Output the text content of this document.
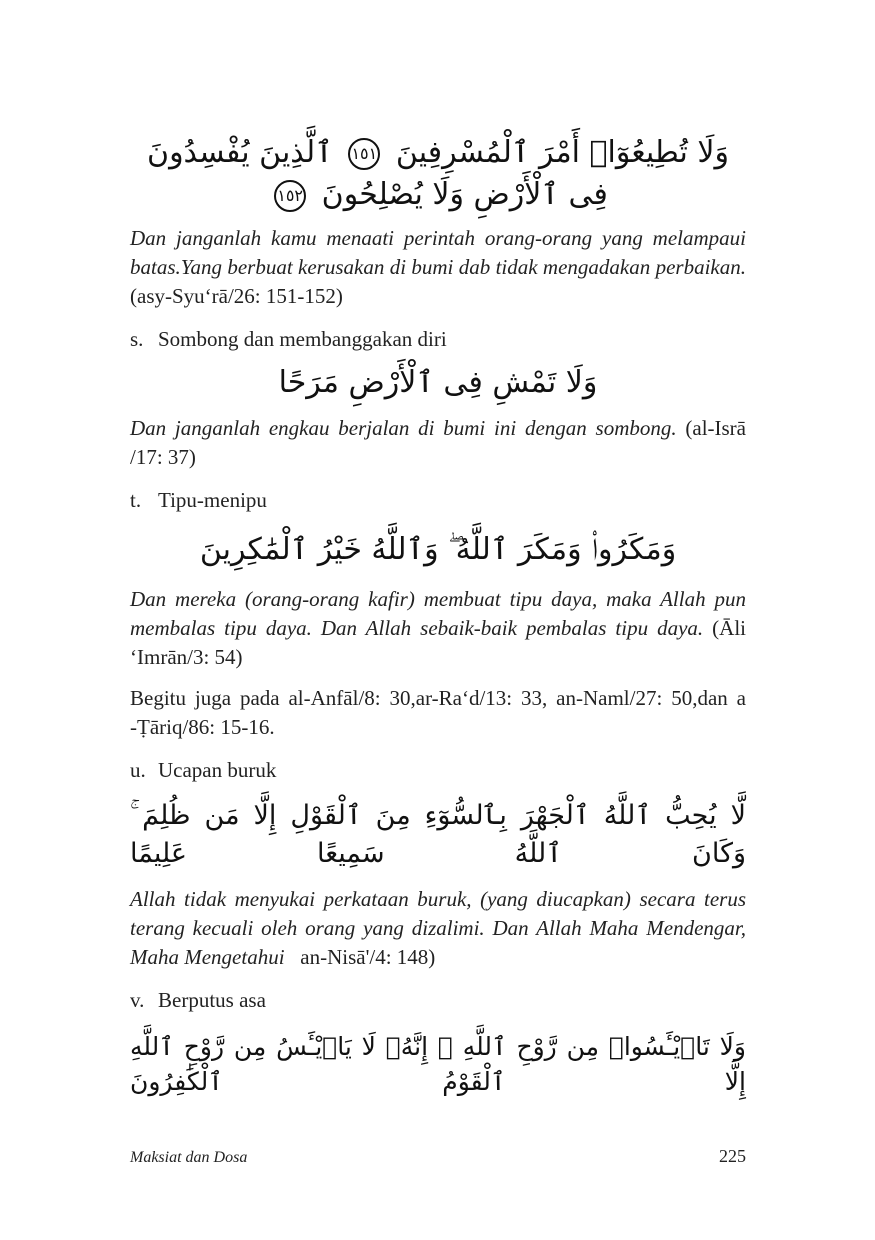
وَلَا تُطِيعُوٓا۟ أَمْرَ ٱلْمُسْرِفِينَ ١٥١ ٱلَّذِينَ يُفْسِدُونَ فِى ٱلْأَرْضِ وَلَا يُصْلِحُونَ ١٥٢

Dan janganlah kamu menaati perintah orang-orang yang melampaui batas.Yang berbuat kerusakan di bumi dab tidak mengadakan perbaikan. (asy-Syu‘rā/26: 151-152)

s. Sombong dan membanggakan diri

وَلَا تَمْشِ فِى ٱلْأَرْضِ مَرَحًا

Dan janganlah engkau berjalan di bumi ini dengan sombong. (al-Isrā /17: 37)

t. Tipu-menipu

وَمَكَرُوا۟ وَمَكَرَ ٱللَّهُ ۖ وَٱللَّهُ خَيْرُ ٱلْمَٰكِرِينَ

Dan mereka (orang-orang kafir) membuat tipu daya, maka Allah pun membalas tipu daya. Dan Allah sebaik-baik pembalas tipu daya. (Āli ‘Imrān/3: 54)

Begitu juga pada al-Anfāl/8: 30,ar-Ra‘d/13: 33, an-Naml/27: 50,dan a -Ṭāriq/86: 15-16.

u. Ucapan buruk

لَّا يُحِبُّ ٱللَّهُ ٱلْجَهْرَ بِٱلسُّوٓءِ مِنَ ٱلْقَوْلِ إِلَّا مَن ظُلِمَ ۚ وَكَانَ ٱللَّهُ سَمِيعًا عَلِيمًا

Allah tidak menyukai perkataan buruk, (yang diucapkan) secara terus terang kecuali oleh orang yang dizalimi. Dan Allah Maha Mendengar, Maha Mengetahui an-Nisā'/4: 148)

v. Berputus asa

وَلَا تَا۟يْـَٔسُوا۟ مِن رَّوْحِ ٱللَّهِ ۖ إِنَّهُۥ لَا يَا۟يْـَٔسُ مِن رَّوْحِ ٱللَّهِ إِلَّا ٱلْقَوْمُ ٱلْكَٰفِرُونَ
Maksiat dan Dosa	225
